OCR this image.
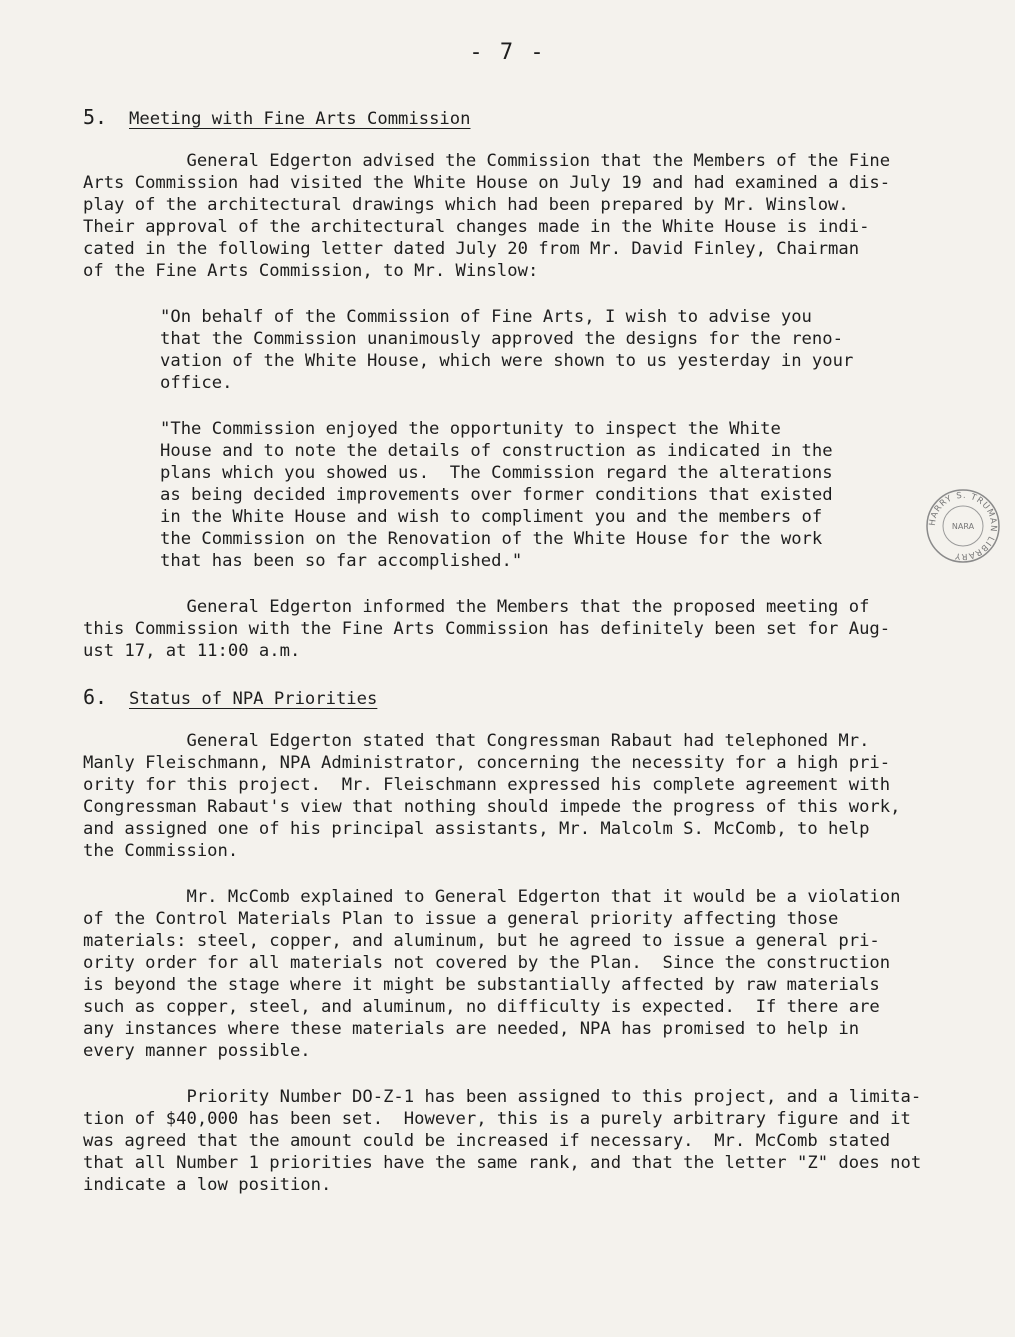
- 7 -
5. Meeting with Fine Arts Commission
General Edgerton advised the Commission that the Members of the Fine
Arts Commission had visited the White House on July 19 and had examined a dis-
play of the architectural drawings which had been prepared by Mr. Winslow.
Their approval of the architectural changes made in the White House is indi-
cated in the following letter dated July 20 from Mr. David Finley, Chairman
of the Fine Arts Commission, to Mr. Winslow:
"On behalf of the Commission of Fine Arts, I wish to advise you
that the Commission unanimously approved the designs for the reno-
vation of the White House, which were shown to us yesterday in your
office.
"The Commission enjoyed the opportunity to inspect the White
House and to note the details of construction as indicated in the
plans which you showed us.  The Commission regard the alterations
as being decided improvements over former conditions that existed
in the White House and wish to compliment you and the members of
the Commission on the Renovation of the White House for the work
that has been so far accomplished."
General Edgerton informed the Members that the proposed meeting of
this Commission with the Fine Arts Commission has definitely been set for Aug-
ust 17, at 11:00 a.m.
6. Status of NPA Priorities
General Edgerton stated that Congressman Rabaut had telephoned Mr.
Manly Fleischmann, NPA Administrator, concerning the necessity for a high pri-
ority for this project.  Mr. Fleischmann expressed his complete agreement with
Congressman Rabaut's view that nothing should impede the progress of this work,
and assigned one of his principal assistants, Mr. Malcolm S. McComb, to help
the Commission.
Mr. McComb explained to General Edgerton that it would be a violation
of the Control Materials Plan to issue a general priority affecting those
materials: steel, copper, and aluminum, but he agreed to issue a general pri-
ority order for all materials not covered by the Plan.  Since the construction
is beyond the stage where it might be substantially affected by raw materials
such as copper, steel, and aluminum, no difficulty is expected.  If there are
any instances where these materials are needed, NPA has promised to help in
every manner possible.
Priority Number DO-Z-1 has been assigned to this project, and a limita-
tion of $40,000 has been set.  However, this is a purely arbitrary figure and it
was agreed that the amount could be increased if necessary.  Mr. McComb stated
that all Number 1 priorities have the same rank, and that the letter "Z" does not
indicate a low position.
HARRY S. TRUMAN LIBRARY
NARA
